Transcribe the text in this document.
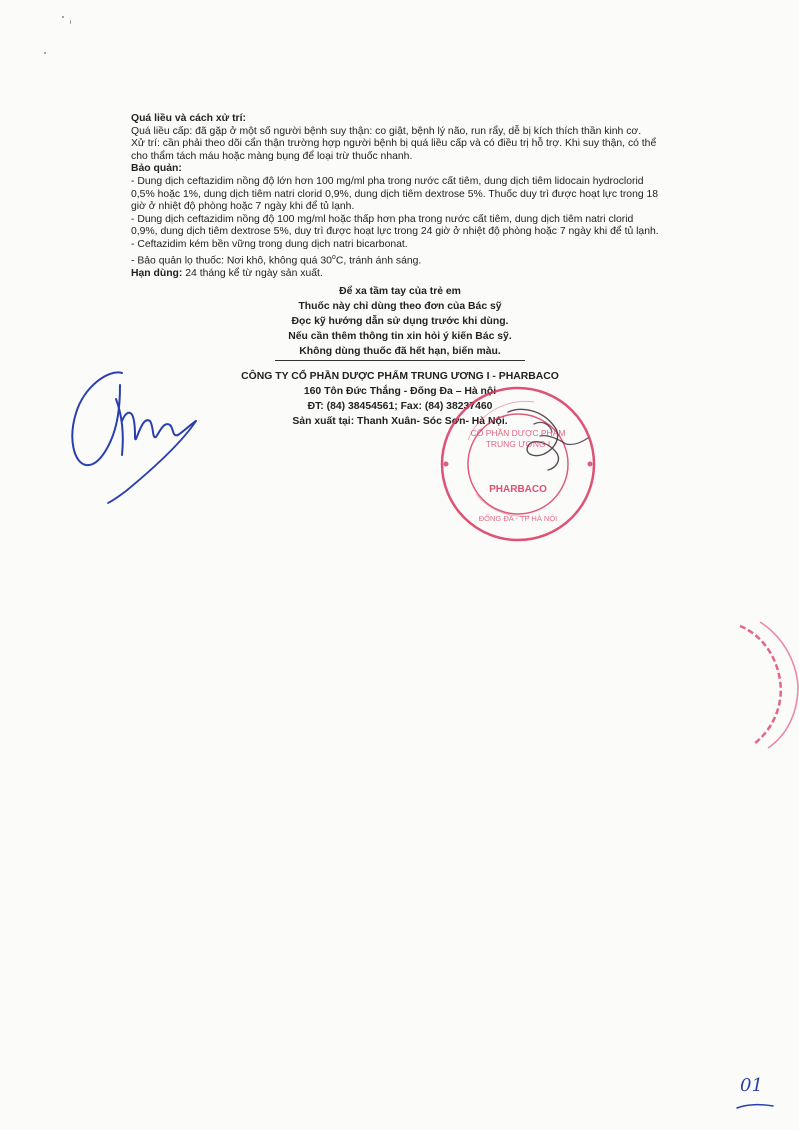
Quá liều và cách xử trí:

Quá liều cấp: đã gặp ở một số người bệnh suy thận: co giật, bệnh lý não, run rẩy, dễ bị kích thích thần kinh cơ.

Xử trí: cần phải theo dõi cẩn thận trường hợp người bệnh bị quá liều cấp và có điều trị hỗ trợ. Khi suy thận, có thể cho thẩm tách máu hoặc màng bụng để loại trừ thuốc nhanh.

Bảo quản:

- Dung dịch ceftazidim nồng độ lớn hơn 100 mg/ml pha trong nước cất tiêm, dung dịch tiêm lidocain hydroclorid 0,5% hoặc 1%, dung dịch tiêm natri clorid 0,9%, dung dịch tiêm dextrose 5%. Thuốc duy trì được hoạt lực trong 18 giờ ở nhiệt độ phòng hoặc 7 ngày khi để tủ lạnh.

- Dung dịch ceftazidim nồng độ 100 mg/ml hoặc thấp hơn pha trong nước cất tiêm, dung dịch tiêm natri clorid 0,9%, dung dịch tiêm dextrose 5%, duy trì được hoạt lực trong 24 giờ ở nhiệt độ phòng hoặc 7 ngày khi để tủ lạnh.

- Ceftazidim kém bền vững trong dung dịch natri bicarbonat.

- Bảo quản lọ thuốc: Nơi khô, không quá 30$^o$C, tránh ánh sáng.

Hạn dùng: 24 tháng kể từ ngày sản xuất.

Để xa tầm tay của trẻ em

Thuốc này chỉ dùng theo đơn của Bác sỹ

Đọc kỹ hướng dẫn sử dụng trước khi dùng.

Nếu cần thêm thông tin xin hỏi ý kiến Bác sỹ.

Không dùng thuốc đã hết hạn, biến màu.

CÔNG TY CỔ PHẦN DƯỢC PHẨM TRUNG ƯƠNG I - PHARBACO

160 Tôn Đức Thắng - Đống Đa – Hà nội

ĐT: (84) 38454561; Fax: (84) 38237460

Sản xuất tại: Thanh Xuân- Sóc Sơn- Hà Nội.

CỔ PHẦN DƯỢC PHẨM TRUNG ƯƠNG I
PHARBACO
ĐỐNG ĐA - TP HÀ NỘI
01
